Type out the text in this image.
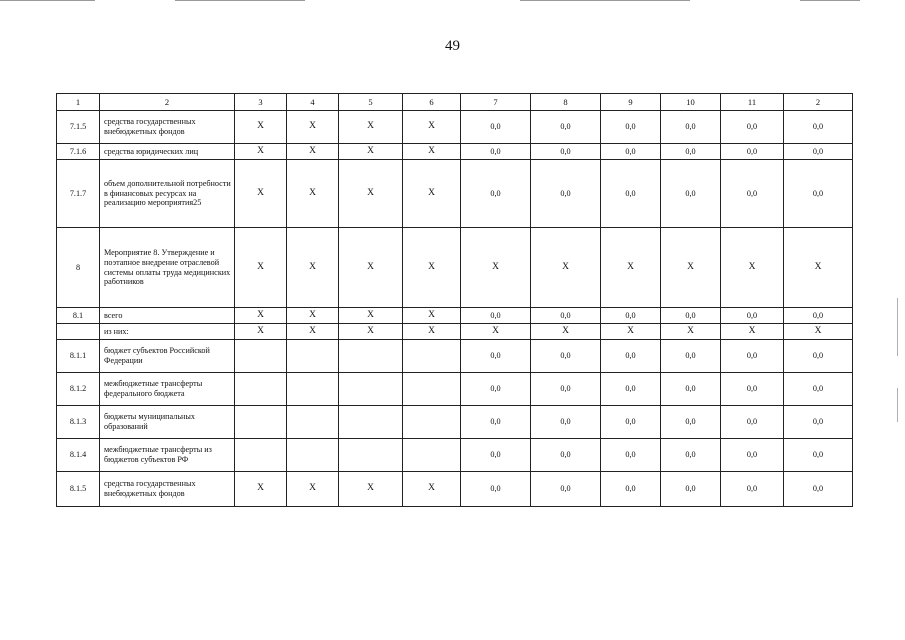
49
1	2	3	4	5	6	7	8	9	10	11	2
7.1.5	средства государственных внебюджетных фондов	X	X	X	X	0,0	0,0	0,0	0,0	0,0	0,0
7.1.6	средства юридических лиц	X	X	X	X	0,0	0,0	0,0	0,0	0,0	0,0
7.1.7	объем дополнительной потребности в финансовых ресурсах на реализацию мероприятия25	X	X	X	X	0,0	0,0	0,0	0,0	0,0	0,0
8	Мероприятие 8. Утверждение и поэтапное внедрение отраслевой системы оплаты труда медицинских работников	X	X	X	X	X	X	X	X	X	X
8.1	всего	X	X	X	X	0,0	0,0	0,0	0,0	0,0	0,0
	из них:	X	X	X	X	X	X	X	X	X	X
8.1.1	бюджет субъектов Российской Федерации					0,0	0,0	0,0	0,0	0,0	0,0
8.1.2	межбюджетные трансферты федерального бюджета					0,0	0,0	0,0	0,0	0,0	0,0
8.1.3	бюджеты муниципальных образований					0,0	0,0	0,0	0,0	0,0	0,0
8.1.4	межбюджетные трансферты из бюджетов субъектов РФ					0,0	0,0	0,0	0,0	0,0	0,0
8.1.5	средства государственных внебюджетных фондов	X	X	X	X	0,0	0,0	0,0	0,0	0,0	0,0
